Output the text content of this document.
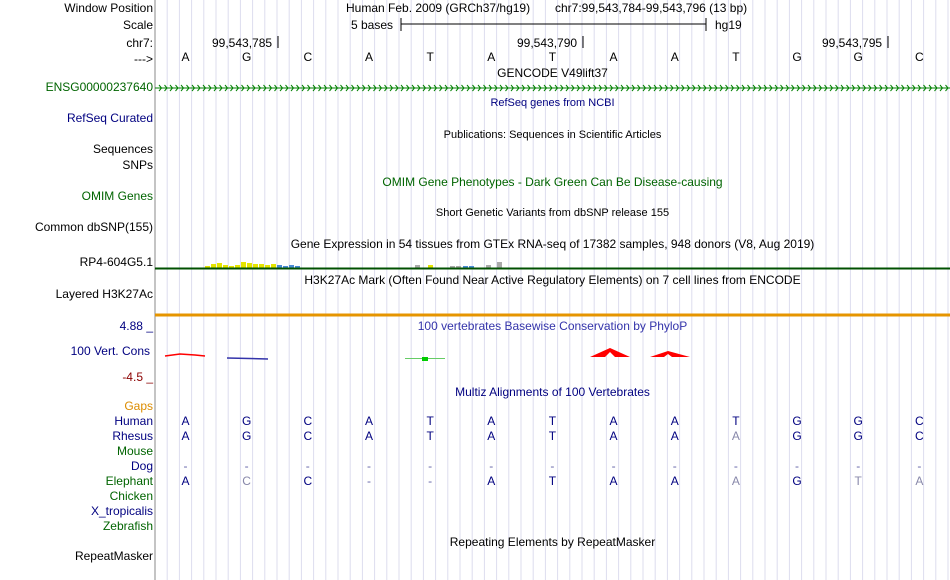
Window Position	Human Feb. 2009 (GRCh37/hg19) chr7:99,543,784-99,543,796 (13 bp)
Scale	5 bases	hg19
chr7:	99,543,785	99,543,790	99,543,795
--->	A	G	C	A	T	A	T	A	A	T	G	G	C
GENCODE V49lift37
ENSG00000237640
RefSeq genes from NCBI
RefSeq Curated
Publications: Sequences in Scientific Articles
Sequences
SNPs
OMIM Gene Phenotypes - Dark Green Can Be Disease-causing
OMIM Genes
Short Genetic Variants from dbSNP release 155
Common dbSNP(155)
Gene Expression in 54 tissues from GTEx RNA-seq of 17382 samples, 948 donors (V8, Aug 2019)
RP4-604G5.1
H3K27Ac Mark (Often Found Near Active Regulatory Elements) on 7 cell lines from ENCODE
Layered H3K27Ac
100 vertebrates Basewise Conservation by PhyloP
4.88 _
100 Vert. Cons
-4.5 _
Multiz Alignments of 100 Vertebrates
Gaps
Human	A	G	C	A	T	A	T	A	A	T	G	G	C
Rhesus	A	G	C	A	T	A	T	A	A	A	G	G	C
Mouse
Dog	-	-	-	-	-	-	-	-	-	-	-	-	-
Elephant	A	C	C	-	-	A	T	A	A	A	G	T	A
Chicken
X_tropicalis
Zebrafish
Repeating Elements by RepeatMasker
RepeatMasker
